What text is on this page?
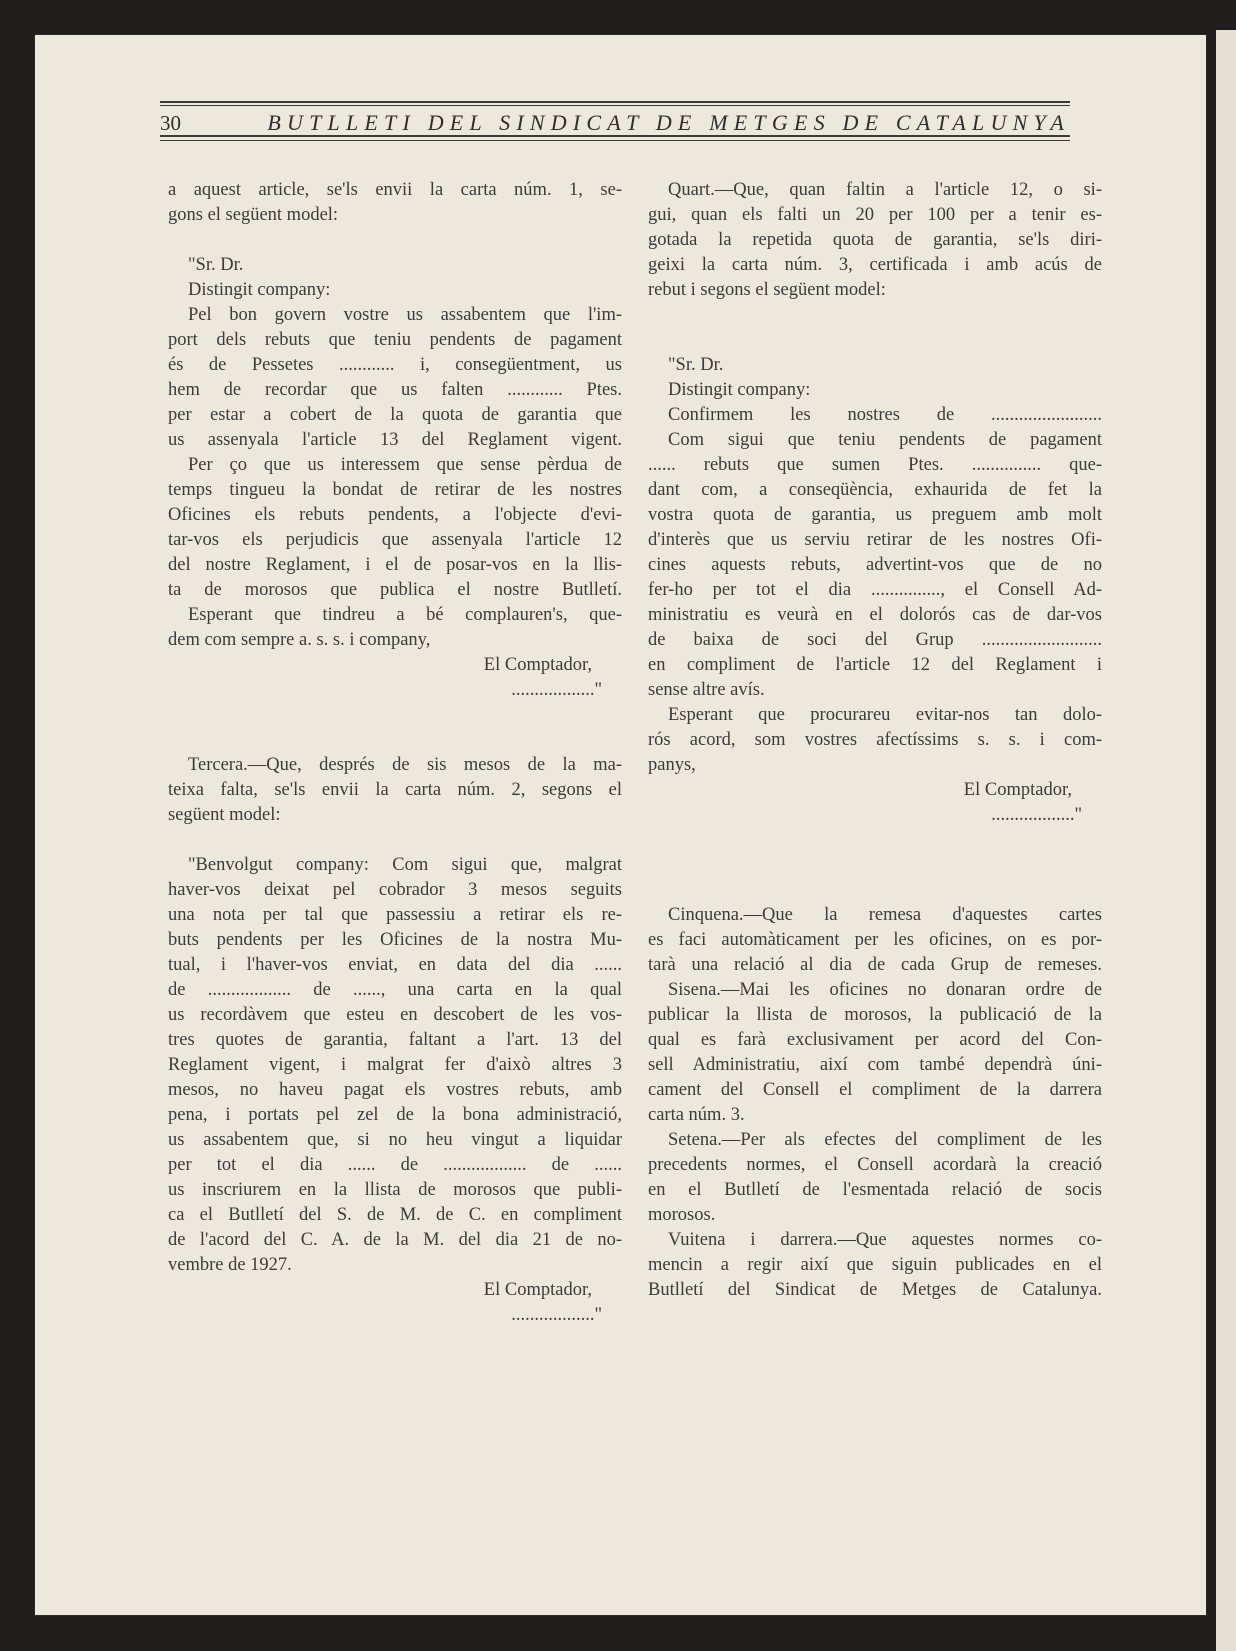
30	BUTLLETI DEL SINDICAT DE METGES DE CATALUNYA
a aquest article, se'ls envii la carta núm. 1, se-
gons el següent model:
"Sr. Dr.
Distingit company:
Pel bon govern vostre us assabentem que l'im-
port dels rebuts que teniu pendents de pagament
és de Pessetes ............ i, consegüentment, us
hem de recordar que us falten ............ Ptes.
per estar a cobert de la quota de garantia que
us assenyala l'article 13 del Reglament vigent.
Per ço que us interessem que sense pèrdua de
temps tingueu la bondat de retirar de les nostres
Oficines els rebuts pendents, a l'objecte d'evi-
tar-vos els perjudicis que assenyala l'article 12
del nostre Reglament, i el de posar-vos en la llis-
ta de morosos que publica el nostre Butlletí.
Esperant que tindreu a bé complauren's, que-
dem com sempre a. s. s. i company,
El Comptador,
.................."
Tercera.—Que, després de sis mesos de la ma-
teixa falta, se'ls envii la carta núm. 2, segons el
següent model:
"Benvolgut company: Com sigui que, malgrat
haver-vos deixat pel cobrador 3 mesos seguits
una nota per tal que passessiu a retirar els re-
buts pendents per les Oficines de la nostra Mu-
tual, i l'haver-vos enviat, en data del dia ......
de .................. de ......, una carta en la qual
us recordàvem que esteu en descobert de les vos-
tres quotes de garantia, faltant a l'art. 13 del
Reglament vigent, i malgrat fer d'això altres 3
mesos, no haveu pagat els vostres rebuts, amb
pena, i portats pel zel de la bona administració,
us assabentem que, si no heu vingut a liquidar
per tot el dia ...... de .................. de ......
us inscriurem en la llista de morosos que publi-
ca el Butlletí del S. de M. de C. en compliment
de l'acord del C. A. de la M. del dia 21 de no-
vembre de 1927.
El Comptador,
.................."
Quart.—Que, quan faltin a l'article 12, o si-
gui, quan els falti un 20 per 100 per a tenir es-
gotada la repetida quota de garantia, se'ls diri-
geixi la carta núm. 3, certificada i amb acús de
rebut i segons el següent model:
"Sr. Dr.
Distingit company:
Confirmem les nostres de ........................
Com sigui que teniu pendents de pagament
...... rebuts que sumen Ptes. ............... que-
dant com, a conseqüència, exhaurida de fet la
vostra quota de garantia, us preguem amb molt
d'interès que us serviu retirar de les nostres Ofi-
cines aquests rebuts, advertint-vos que de no
fer-ho per tot el dia ..............., el Consell Ad-
ministratiu es veurà en el dolorós cas de dar-vos
de baixa de soci del Grup ..........................
en compliment de l'article 12 del Reglament i
sense altre avís.
Esperant que procurareu evitar-nos tan dolo-
rós acord, som vostres afectíssims s. s. i com-
panys,
El Comptador,
.................."
Cinquena.—Que la remesa d'aquestes cartes
es faci automàticament per les oficines, on es por-
tarà una relació al dia de cada Grup de remeses.
Sisena.—Mai les oficines no donaran ordre de
publicar la llista de morosos, la publicació de la
qual es farà exclusivament per acord del Con-
sell Administratiu, així com també dependrà úni-
cament del Consell el compliment de la darrera
carta núm. 3.
Setena.—Per als efectes del compliment de les
precedents normes, el Consell acordarà la creació
en el Butlletí de l'esmentada relació de socis
morosos.
Vuitena i darrera.—Que aquestes normes co-
mencin a regir així que siguin publicades en el
Butlletí del Sindicat de Metges de Catalunya.
